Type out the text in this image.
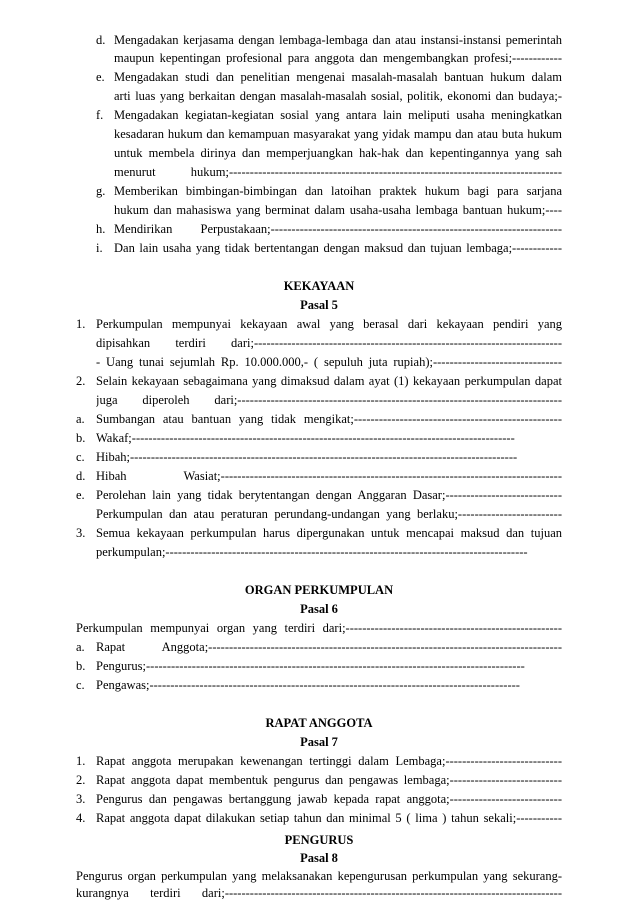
d. Mengadakan kerjasama dengan lembaga-lembaga dan atau instansi-instansi pemerintah
maupun kepentingan profesional para anggota dan mengembangkan profesi;------------
e. Mengadakan studi dan penelitian mengenai masalah-masalah bantuan hukum dalam
arti luas yang berkaitan dengan masalah-masalah sosial, politik, ekonomi dan budaya;-
f. Mengadakan kegiatan-kegiatan sosial yang antara lain meliputi usaha meningkatkan
kesadaran hukum dan kemampuan masyarakat yang yidak mampu dan atau buta hukum
untuk membela dirinya dan memperjuangkan hak-hak dan kepentingannya yang sah
menurut hukum;--------------------------------------------------------------------------------
g. Memberikan bimbingan-bimbingan dan latoihan praktek hukum bagi para sarjana
hukum dan mahasiswa yang berminat dalam usaha-usaha lembaga bantuan hukum;----
h. Mendirikan Perpustakaan;----------------------------------------------------------------------
i. Dan lain usaha yang tidak bertentangan dengan maksud dan tujuan lembaga;------------
KEKAYAAN
Pasal 5
1. Perkumpulan mempunyai kekayaan awal yang berasal dari kekayaan pendiri yang
dipisahkan terdiri dari;--------------------------------------------------------------------------
- Uang tunai sejumlah Rp. 10.000.000,- ( sepuluh juta rupiah);-------------------------------
2. Selain kekayaan sebagaimana yang dimaksud dalam ayat (1) kekayaan perkumpulan dapat
juga diperoleh dari;------------------------------------------------------------------------------
a. Sumbangan atau bantuan yang tidak mengikat;--------------------------------------------------
b. Wakaf;--------------------------------------------------------------------------------------------
c. Hibah;---------------------------------------------------------------------------------------------
d. Hibah Wasiat;----------------------------------------------------------------------------------
e. Perolehan lain yang tidak berytentangan dengan Anggaran Dasar;----------------------------
Perkumpulan dan atau peraturan perundang-undangan yang berlaku;-------------------------
3. Semua kekayaan perkumpulan harus dipergunakan untuk mencapai maksud dan tujuan
perkumpulan;---------------------------------------------------------------------------------------
ORGAN PERKUMPULAN
Pasal 6
Perkumpulan mempunyai organ yang terdiri dari;----------------------------------------------------
a. Rapat Anggota;-------------------------------------------------------------------------------------
b. Pengurus;-------------------------------------------------------------------------------------------
c. Pengawas;-----------------------------------------------------------------------------------------
RAPAT ANGGOTA
Pasal 7
1. Rapat anggota merupakan kewenangan tertinggi dalam Lembaga;----------------------------
2. Rapat anggota dapat membentuk pengurus dan pengawas lembaga;---------------------------
3. Pengurus dan pengawas bertanggung jawab kepada rapat anggota;---------------------------
4. Rapat anggota dapat dilakukan setiap tahun dan minimal 5 ( lima ) tahun sekali;-----------
PENGURUS
Pasal 8
Pengurus organ perkumpulan yang melaksanakan kepengurusan perkumpulan yang sekurang-
kurangnya terdiri dari;---------------------------------------------------------------------------------
